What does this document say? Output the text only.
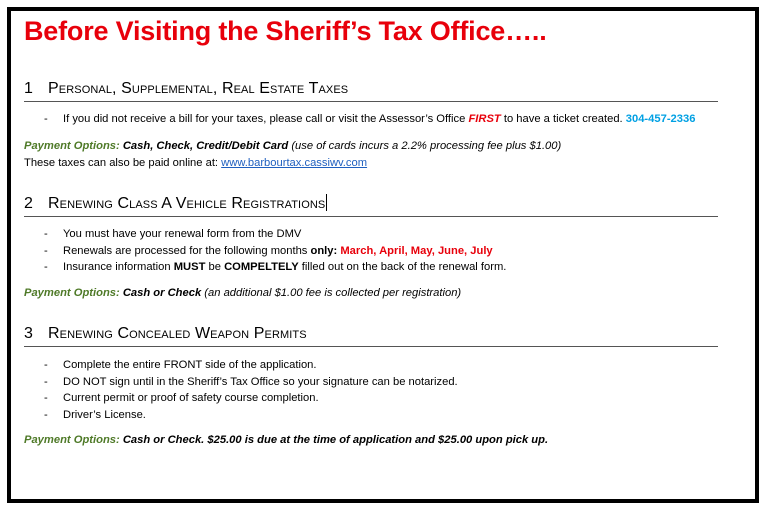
Before Visiting the Sheriff’s Tax Office…..
1 Personal, Supplemental, Real Estate Taxes
- If you did not receive a bill for your taxes, please call or visit the Assessor’s Office FIRST to have a ticket created. 304-457-2336

Payment Options: Cash, Check, Credit/Debit Card (use of cards incurs a 2.2% processing fee plus $1.00)

These taxes can also be paid online at: www.barbourtax.cassiwv.com

2 Renewing Class A Vehicle Registrations
- You must have your renewal form from the DMV
- Renewals are processed for the following months only: March, April, May, June, July
- Insurance information MUST be COMPELTELY filled out on the back of the renewal form.

Payment Options: Cash or Check (an additional $1.00 fee is collected per registration)

3 Renewing Concealed Weapon Permits
- Complete the entire FRONT side of the application.
- DO NOT sign until in the Sheriff’s Tax Office so your signature can be notarized.
- Current permit or proof of safety course completion.
- Driver’s License.

Payment Options: Cash or Check. $25.00 is due at the time of application and $25.00 upon pick up.
